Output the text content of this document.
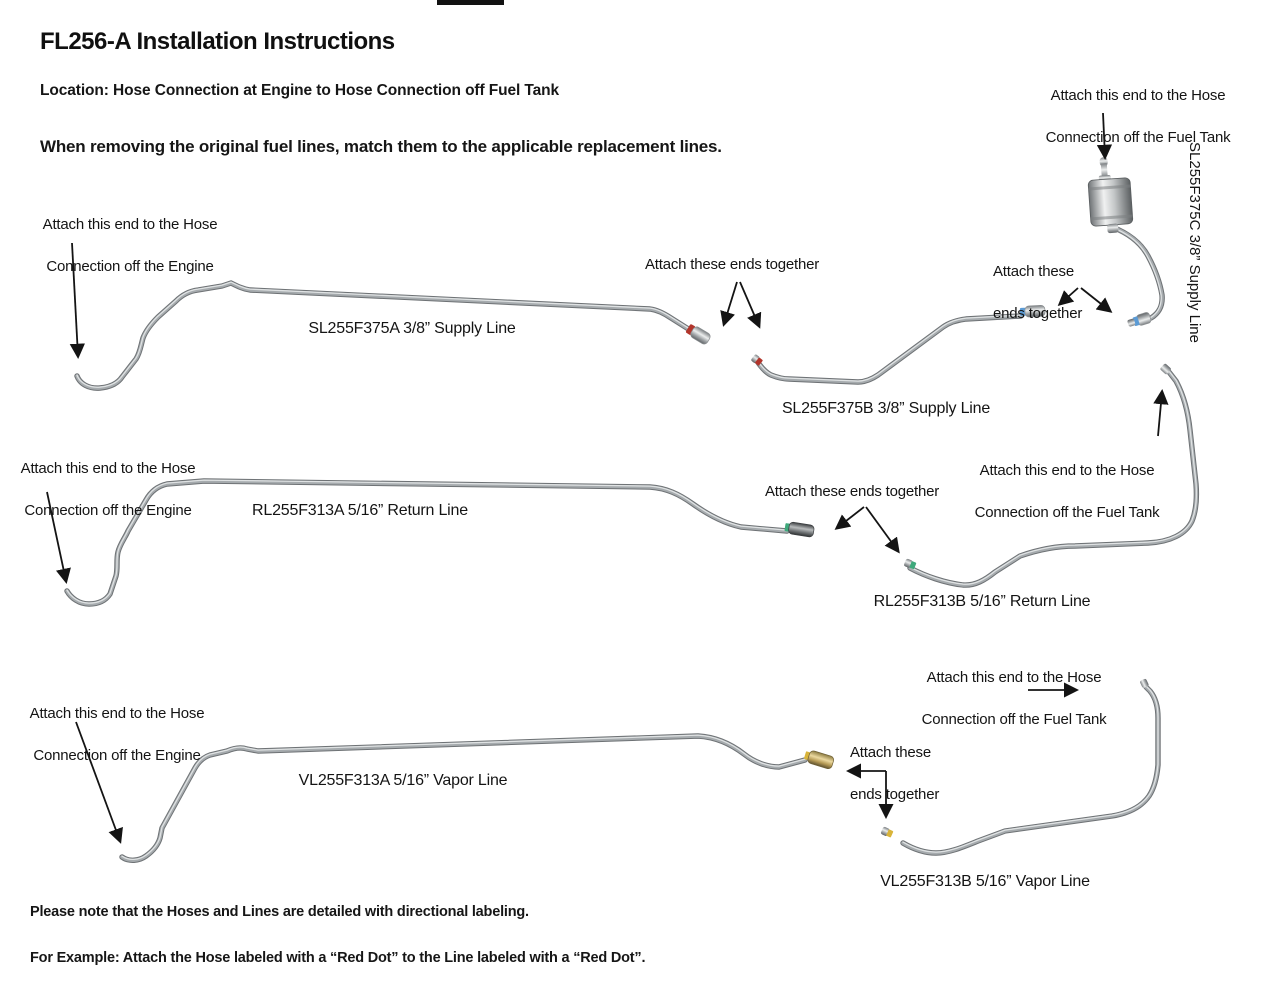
FL256-A Installation Instructions
Location: Hose Connection at Engine to Hose Connection off Fuel Tank
When removing the original fuel lines, match them to the applicable replacement lines.

Attach this end to the Hose

Connection off the Engine

SL255F375A 3/8” Supply Line
Attach these ends together
SL255F375B 3/8” Supply Line

Attach these

ends together

Attach this end to the Hose

Connection off the Fuel Tank

SL255F375C 3/8” Supply Line

Attach this end to the Hose

Connection off the Engine	RL255F313A 5/16” Return Line
Attach these ends together

Attach this end to the Hose

Connection off the Fuel Tank

RL255F313B 5/16” Return Line

Attach this end to the Hose

Connection off the Engine

VL255F313A 5/16” Vapor Line

Attach these

ends together

Attach this end to the Hose

Connection off the Fuel Tank

VL255F313B 5/16” Vapor Line

Please note that the Hoses and Lines are detailed with directional labeling.

For Example: Attach the Hose labeled with a “Red Dot” to the Line labeled with a “Red Dot”.
